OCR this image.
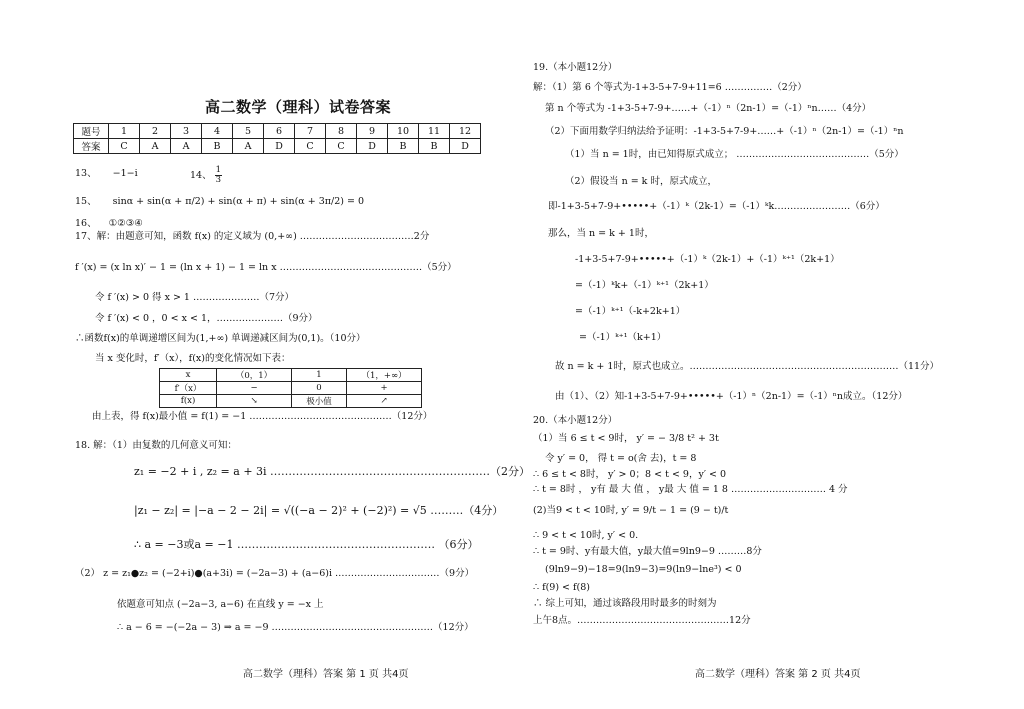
高二数学（理科）试卷答案
题号	1	2	3	4	5	6	7	8	9	10	11	12
答案	C	A	A	B	A	D	C	C	D	B	B	D
13、 −1−i	14、 $\frac{1}{3}$
15、 sinα + sin(α + π/2) + sin(α + π) + sin(α + 3π/2) = 0
16、 ①②③④
17、解：由题意可知，函数 f(x) 的定义域为 (0,+∞) ………………………………2分
f ′(x) = (x ln x)′ − 1 = (ln x + 1) − 1 = ln x ………………………………………（5分）
令 f ′(x) > 0 得 x > 1 …………………（7分）
令 f ′(x) < 0 ，0 < x < 1，…………………（9分）
∴函数f(x)的单调递增区间为(1,+∞) 单调递减区间为(0,1)。（10分）
当 x 变化时，f′（x），f(x)的变化情况如下表：
x	（0，1）	1	（1，+∞）
f′（x）	−	0	+
f(x)	↘	极小值	↗
由上表，得 f(x)最小值 = f(1) = −1 ………………………………………（12分）
18. 解：（1）由复数的几何意义可知：
z₁ = −2 + i , z₂ = a + 3i ……………………………………………………（2分）
|z₁ − z₂| = |−a − 2 − 2i| = √((−a − 2)² + (−2)²) = √5 ………（4分）
∴ a = −3或a = −1 ……………………………………………… （6分）
（2） z = z₁●z₂ = (−2+i)●(a+3i) = (−2a−3) + (a−6)i ……………………………（9分）
依题意可知点 (−2a−3, a−6) 在直线 y = −x 上
∴ a − 6 = −(−2a − 3) ⇒ a = −9 ……………………………………………（12分）
19.（本小题12分）
解：（1）第 6 个等式为-1+3-5+7-9+11=6 ……………（2分）
第 n 个等式为 -1+3-5+7-9+……+（-1）ⁿ（2n-1）=（-1）ⁿn……（4分）
（2）下面用数学归纳法给予证明：-1+3-5+7-9+……+（-1）ⁿ（2n-1）=（-1）ⁿn
（1）当 n = 1时，由已知得原式成立； ……………………………………（5分）
（2）假设当 n = k 时，原式成立，
即-1+3-5+7-9+•••••+（-1）ᵏ（2k-1）=（-1）ᵏk……………………（6分）
那么，当 n = k + 1时，
-1+3-5+7-9+•••••+（-1）ᵏ（2k-1）+（-1）ᵏ⁺¹（2k+1）
=（-1）ᵏk+（-1）ᵏ⁺¹（2k+1）
=（-1）ᵏ⁺¹（-k+2k+1）
=（-1）ᵏ⁺¹（k+1）
故 n = k + 1时，原式也成立。…………………………………………………………（11分）
由（1）、（2）知-1+3-5+7-9+•••••+（-1）ⁿ（2n-1）=（-1）ⁿn成立。（12分）
20.（本小题12分）
（1）当 6 ≤ t < 9时， y′ = − 3/8 t² + 3t
令 y′ = 0， 得 t = o(舍 去)，t = 8
∴ 6 ≤ t < 8时， y′ > 0；8 < t < 9，y′ < 0
∴ t = 8时 ， y有 最 大 值 ， y最 大 值 = 1 8 ………………………… 4 分
(2)当9 < t < 10时, y′ = 9/t − 1 = (9 − t)/t
∴ 9 < t < 10时, y′ < 0.
∴ t = 9时、y有最大值，y最大值=9ln9−9 ………8分
(9ln9−9)−18=9(ln9−3)=9(ln9−lne³) < 0
∴ f(9) < f(8)
∴ 综上可知，通过该路段用时最多的时刻为
上午8点。…………………………………………12分
高二数学（理科）答案 第 1 页 共4页	高二数学（理科）答案 第 2 页 共4页
